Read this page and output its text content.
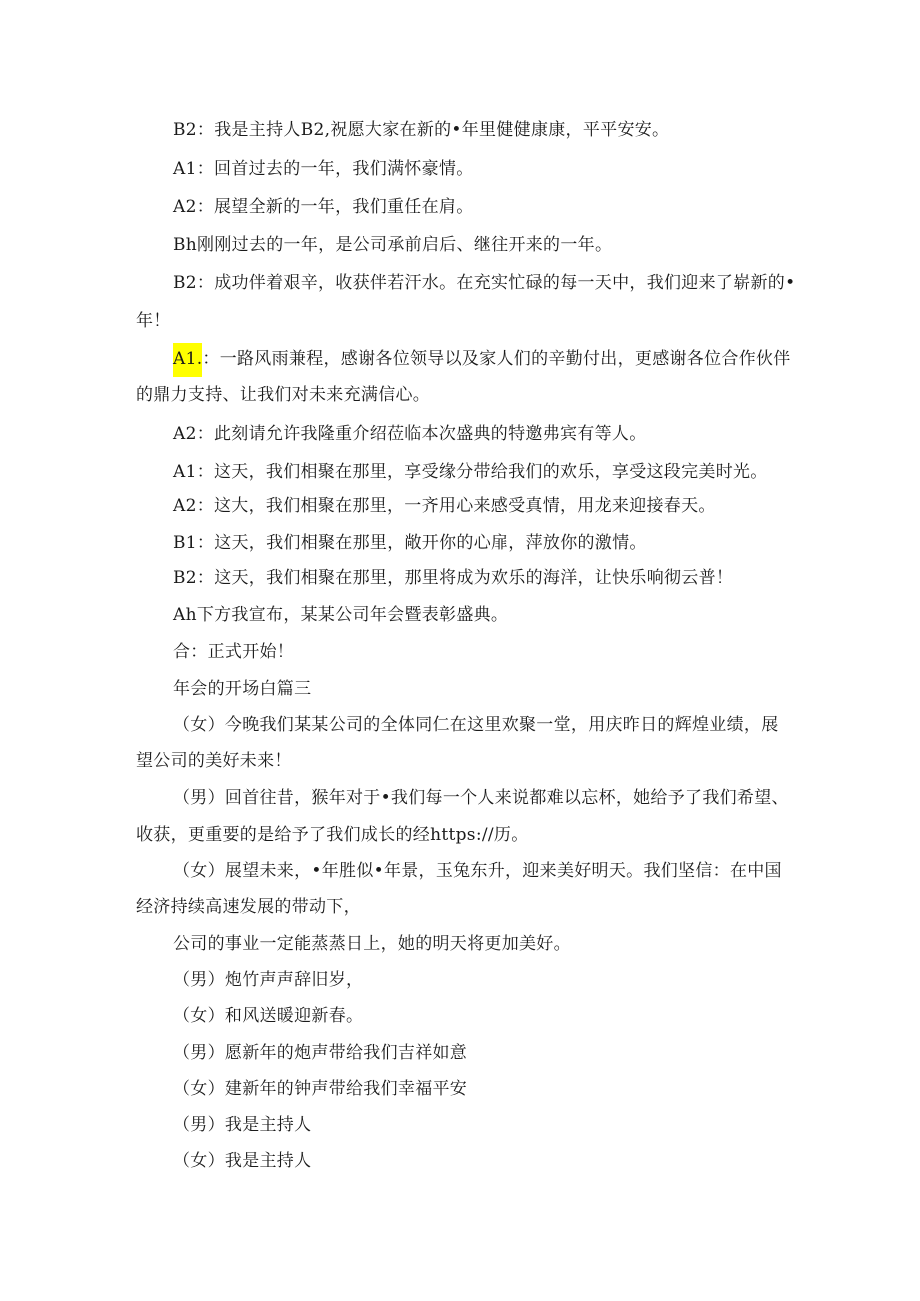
B2：我是主持人B2,祝愿大家在新的•年里健健康康，平平安安。

A1：回首过去的一年，我们满怀豪情。

A2：展望全新的一年，我们重任在肩。

Bh刚刚过去的一年，是公司承前启后、继往开来的一年。

B2：成功伴着艰辛，收获伴若汗水。在充实忙碌的每一天中，我们迎来了崭新的•

年！

A1.：一路风雨兼程，感谢各位领导以及家人们的辛勤付出，更感谢各位合作伙伴

的鼎力支持、让我们对未来充满信心。

A2：此刻请允许我隆重介绍莅临本次盛典的特邀弗宾有等人。

A1：这天，我们相聚在那里，享受缘分带给我们的欢乐，享受这段完美时光。

A2：这大，我们相聚在那里，一齐用心来感受真情，用龙来迎接春天。

B1：这天，我们相聚在那里，敞开你的心扉，萍放你的激情。

B2：这天，我们相聚在那里，那里将成为欢乐的海洋，让快乐响彻云普！

Ah下方我宣布，某某公司年会暨表彰盛典。

合：正式开始！

年会的开场白篇三

（女）今晚我们某某公司的全体同仁在这里欢聚一堂，用庆昨日的辉煌业绩，展

望公司的美好未来！

（男）回首往昔，猴年对于•我们每一个人来说都难以忘杯，她给予了我们希望、

收获，更重要的是给予了我们成长的经https://历。

（女）展望未来，•年胜似•年景，玉兔东升，迎来美好明天。我们坚信：在中国

经济持续高速发展的带动下，

公司的事业一定能蒸蒸日上，她的明天将更加美好。

（男）炮竹声声辞旧岁，

（女）和风送暖迎新春。

（男）愿新年的炮声带给我们吉祥如意

（女）建新年的钟声带给我们幸福平安

（男）我是主持人

（女）我是主持人
